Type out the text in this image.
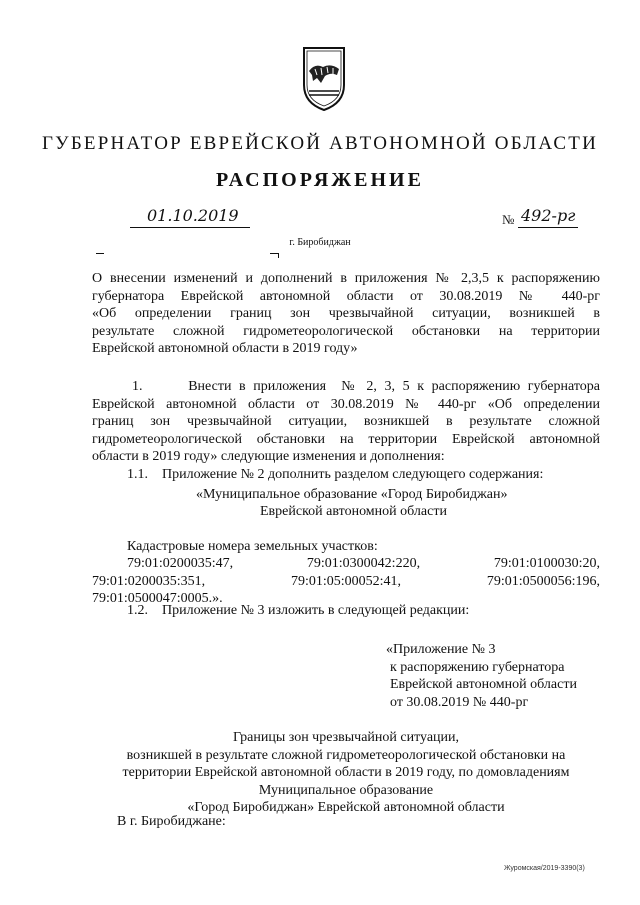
ГУБЕРНАТОР ЕВРЕЙСКОЙ АВТОНОМНОЙ ОБЛАСТИ
РАСПОРЯЖЕНИЕ
01.10.2019	№ 492-рг
г. Биробиджан
О внесении изменений и дополнений в приложения № 2,3,5 к распоряжению
губернатора Еврейской автономной области от 30.08.2019 № 440-рг
«Об определении границ зон чрезвычайной ситуации, возникшей в
результате сложной гидрометеорологической обстановки на территории
Еврейской автономной области в 2019 году»
1.      Внести в приложения  № 2, 3, 5 к распоряжению губернатора
Еврейской автономной области от 30.08.2019 № 440-рг «Об определении
границ зон чрезвычайной ситуации, возникшей в результате сложной
гидрометеорологической обстановки на территории Еврейской автономной
области в 2019 году» следующие изменения и дополнения:
1.1.    Приложение № 2 дополнить разделом следующего содержания:
«Муниципальное образование «Город Биробиджан»
Еврейской автономной области
Кадастровые номера земельных участков:
79:01:0200035:47,	79:01:0300042:220,	79:01:0100030:20,
79:01:0200035:351,	79:01:05:00052:41,	79:01:0500056:196,
79:01:0500047:0005.».
1.2.    Приложение № 3 изложить в следующей редакции:
«Приложение № 3
к распоряжению губернатора
Еврейской автономной области
от 30.08.2019 № 440-рг
Границы зон чрезвычайной ситуации,
возникшей в результате сложной гидрометеорологической обстановки на
территории Еврейской автономной области в 2019 году, по домовладениям
Муниципальное образование
«Город Биробиджан» Еврейской автономной области
В г. Биробиджане:
Журомская/2019-3390(3)
